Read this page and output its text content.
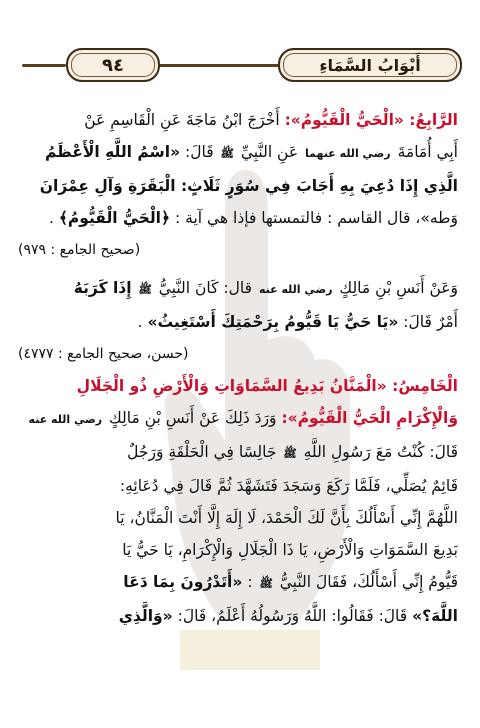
٩٤	أَبْوَابُ السَّمَاءِ
الرَّابِعُ: «الْحَيُّ الْقَيُّومُ»: أَخْرَجَ ابْنُ مَاجَةَ عَنِ الْقَاسِمِ عَنْ
أَبِي أُمَامَةَ رضي الله عنهما عَنِ النَّبِيِّ ﷺ قَالَ: «اسْمُ اللَّهِ الْأَعْظَمُ
الَّذِي إِذَا دُعِيَ بِهِ أَجَابَ فِي سُوَرٍ ثَلَاثٍ: الْبَقَرَةِ وَآلِ عِمْرَانَ
وَطه»، قال القاسم : فالتمستها فإذا هي آية : ﴿الْحَيُّ الْقَيُّومُ﴾ .
(صحيح الجامع : ٩٧٩)
وَعَنْ أَنَسِ بْنِ مَالِكٍ رضي الله عنه قال: كَانَ النَّبِيُّ ﷺ إِذَا كَرَبَهُ
أَمْرٌ قَالَ: «يَا حَيُّ يَا قَيُّومُ بِرَحْمَتِكَ أَسْتَغِيثُ» .
(حسن، صحيح الجامع : ٤٧٧٧)
الْخَامِسُ: «الْمَنَّانُ بَدِيعُ السَّمَاوَاتِ وَالْأَرْضِ ذُو الْجَلَالِ
وَالْإِكْرَامِ الْحَيُّ الْقَيُّومُ»: وَرَدَ ذَلِكَ عَنْ أَنَسِ بْنِ مَالِكٍ رضي الله عنه
قَالَ: كُنْتُ مَعَ رَسُولِ اللَّهِ ﷺ جَالِسًا فِي الْحَلْقَةِ وَرَجُلٌ
قَائِمٌ يُصَلِّي، فَلَمَّا رَكَعَ وَسَجَدَ فَتَشَهَّدَ ثُمَّ قَالَ فِي دُعَائِهِ:
اللَّهُمَّ إِنِّي أَسْأَلُكَ بِأَنَّ لَكَ الْحَمْدَ، لَا إِلَهَ إِلَّا أَنْتَ الْمَنَّانُ، يَا
بَدِيعَ السَّمَوَاتِ وَالْأَرْضِ، يَا ذَا الْجَلَالِ وَالْإِكْرَامِ، يَا حَيُّ يَا
قَيُّومُ إِنِّي أَسْأَلُكَ، فَقَالَ النَّبِيُّ ﷺ : «أَتَدْرُونَ بِمَا دَعَا
اللَّهَ؟» قَالَ: فَقَالُوا: اللَّهُ وَرَسُولُهُ أَعْلَمُ، قَالَ: «وَالَّذِي
